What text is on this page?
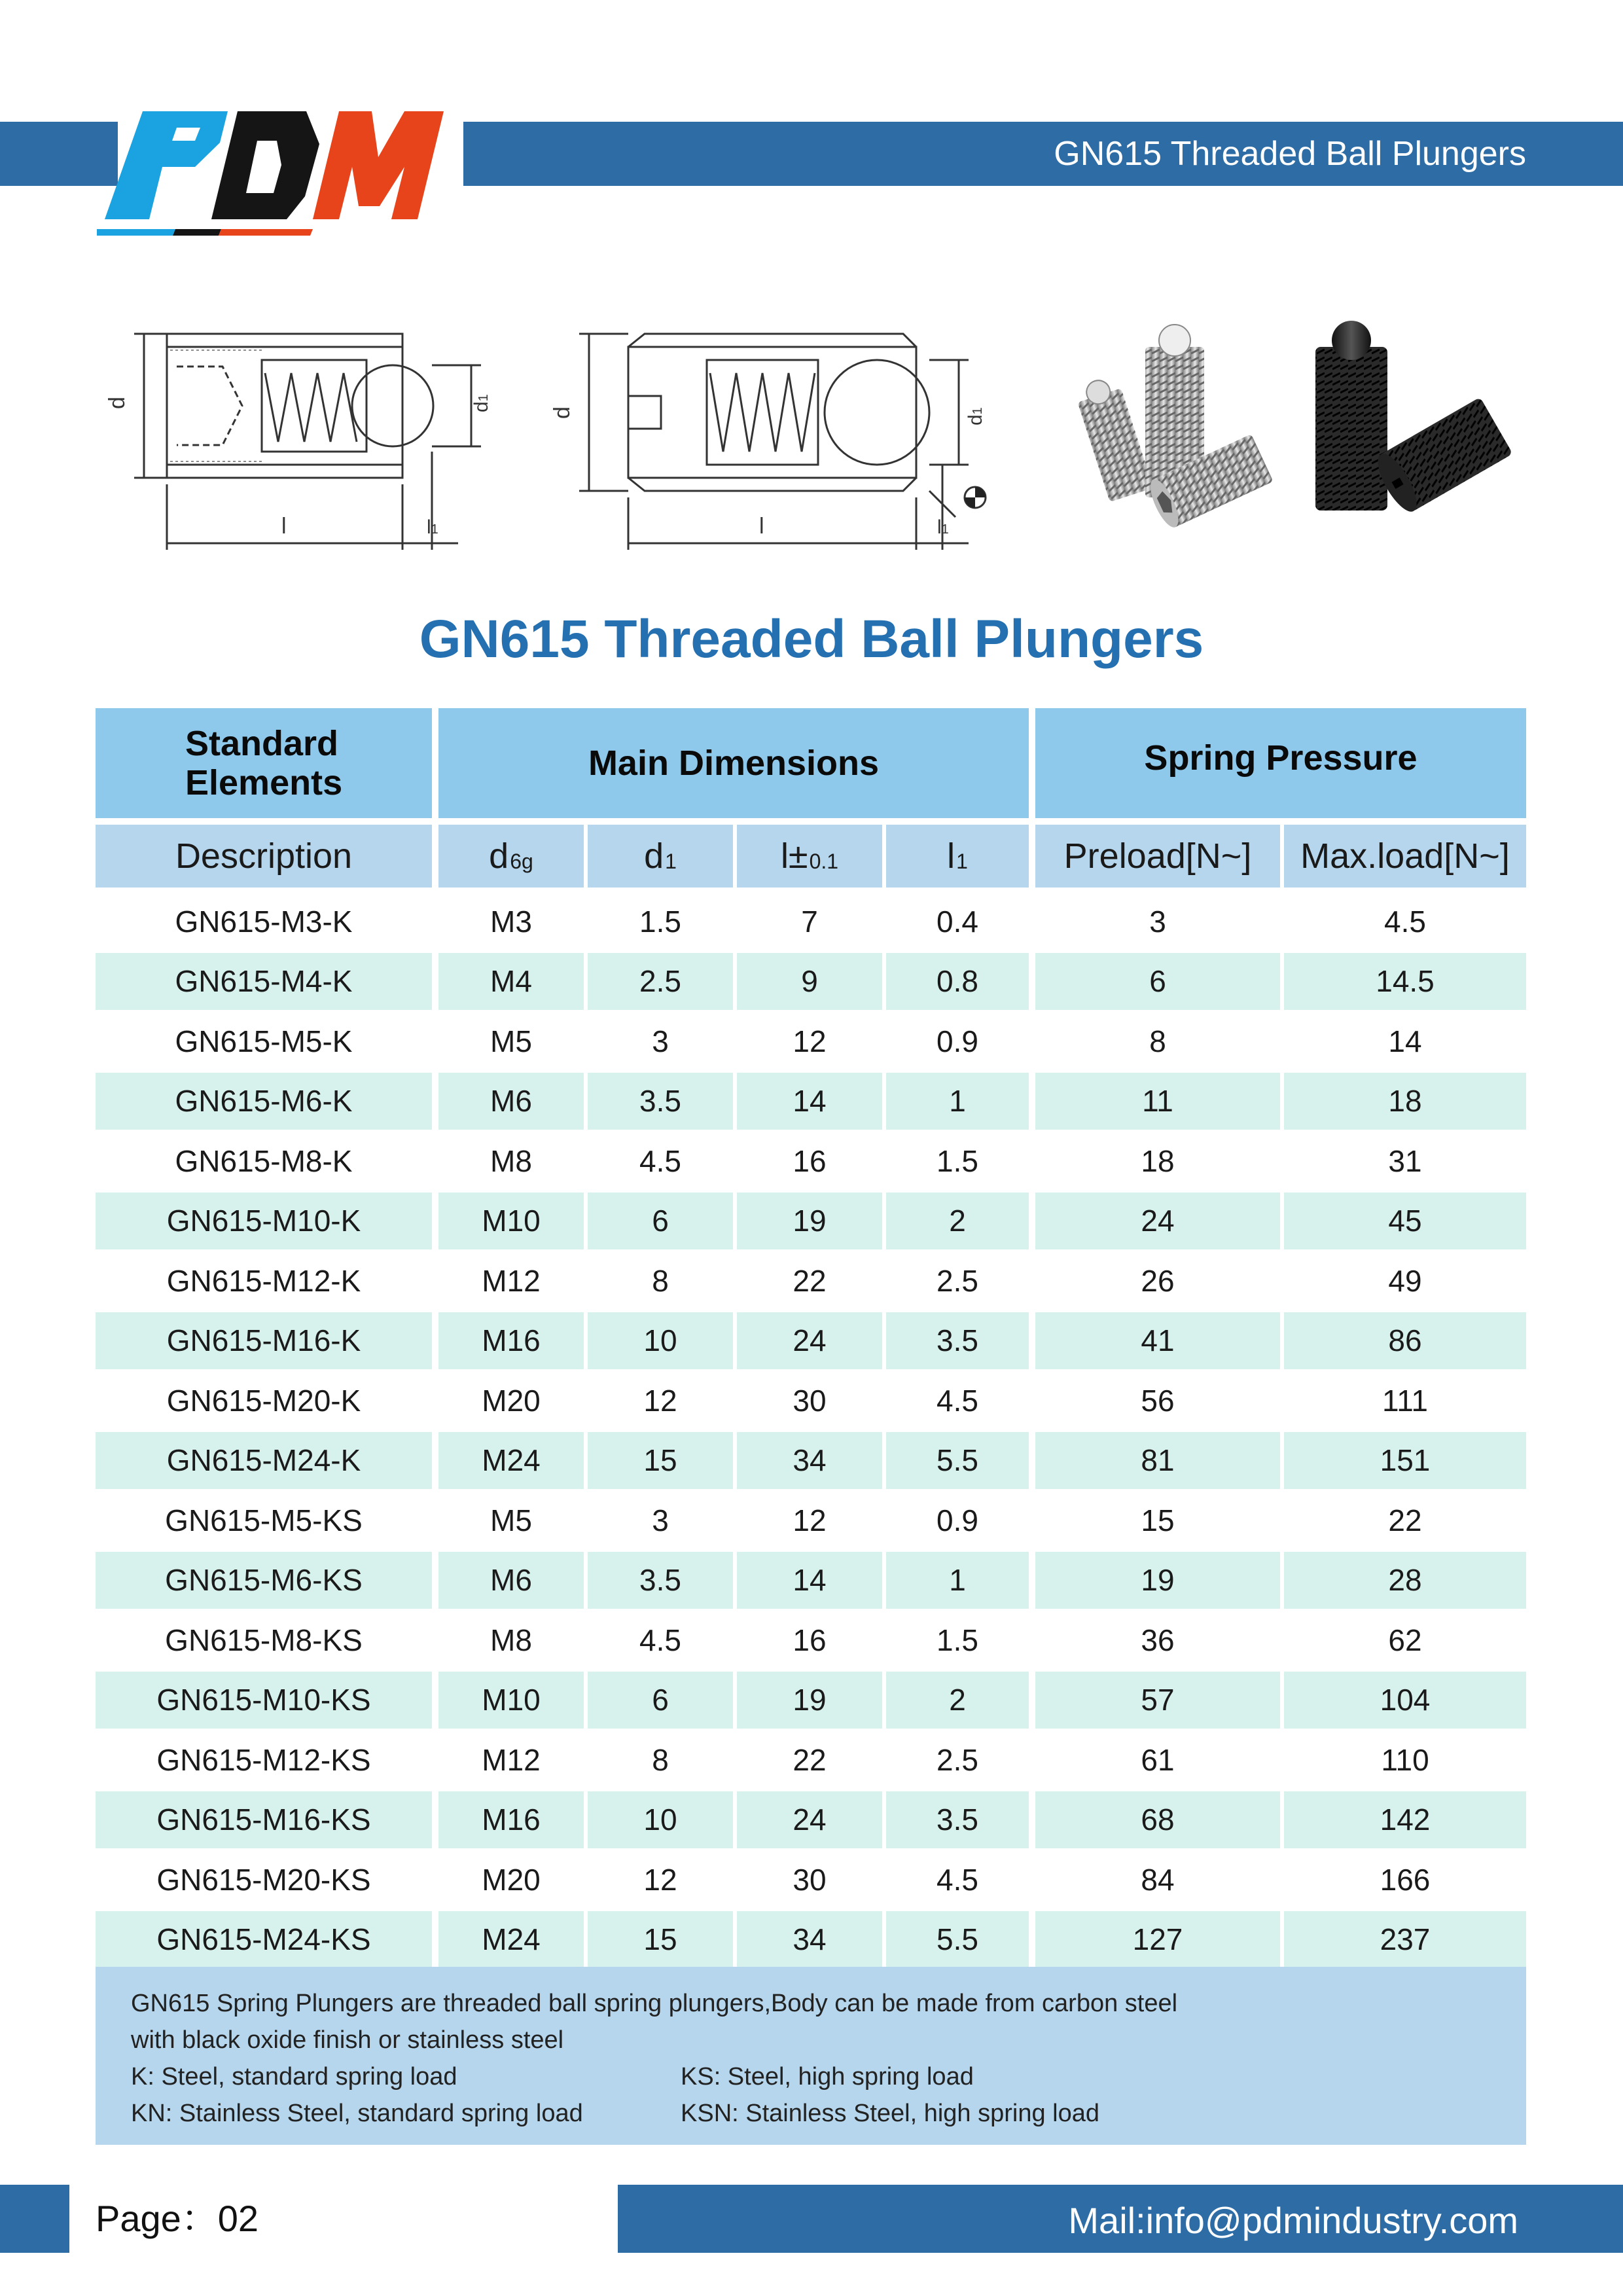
GN615 Threaded Ball Plungers
d	d1
l	l1
d
d1
l	l1
GN615 Threaded Ball Plungers
Standard Elements	Main Dimensions	Spring Pressure
Description	d 6g	d 1	l± 0.1	l 1	Preload[N~]	Max.load[N~]
GN615-M3-K	M3	1.5	7	0.4	3	4.5
GN615-M4-K	M4	2.5	9	0.8	6	14.5
GN615-M5-K	M5	3	12	0.9	8	14
GN615-M6-K	M6	3.5	14	1	11	18
GN615-M8-K	M8	4.5	16	1.5	18	31
GN615-M10-K	M10	6	19	2	24	45
GN615-M12-K	M12	8	22	2.5	26	49
GN615-M16-K	M16	10	24	3.5	41	86
GN615-M20-K	M20	12	30	4.5	56	111
GN615-M24-K	M24	15	34	5.5	81	151
GN615-M5-KS	M5	3	12	0.9	15	22
GN615-M6-KS	M6	3.5	14	1	19	28
GN615-M8-KS	M8	4.5	16	1.5	36	62
GN615-M10-KS	M10	6	19	2	57	104
GN615-M12-KS	M12	8	22	2.5	61	110
GN615-M16-KS	M16	10	24	3.5	68	142
GN615-M20-KS	M20	12	30	4.5	84	166
GN615-M24-KS	M24	15	34	5.5	127	237
GN615 Spring Plungers are threaded ball spring plungers,Body can be made from carbon steel
with black oxide finish or stainless steel
K: Steel, standard spring load	KS: Steel, high spring load
KN: Stainless Steel, standard spring load	KSN: Stainless Steel, high spring load
Page：02	Mail:info@pdmindustry.com
